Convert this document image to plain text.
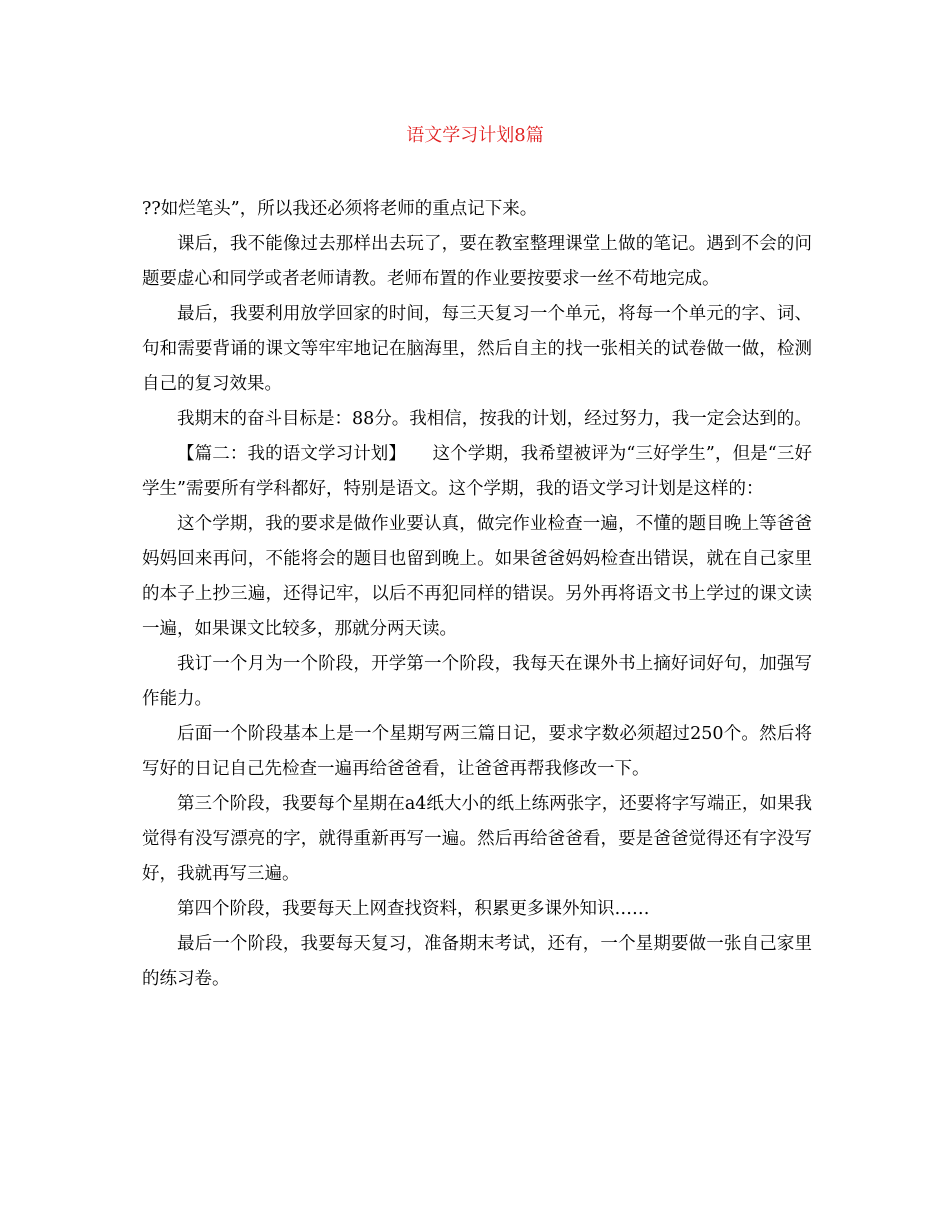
语文学习计划8篇

??如烂笔头”，所以我还必须将老师的重点记下来。

课后，我不能像过去那样出去玩了，要在教室整理课堂上做的笔记。遇到不会的问题要虚心和同学或者老师请教。老师布置的作业要按要求一丝不苟地完成。

最后，我要利用放学回家的时间，每三天复习一个单元，将每一个单元的字、词、句和需要背诵的课文等牢牢地记在脑海里，然后自主的找一张相关的试卷做一做，检测自己的复习效果。

我期末的奋斗目标是：88分。我相信，按我的计划，经过努力，我一定会达到的。

【篇二：我的语文学习计划】　　这个学期，我希望被评为“三好学生”，但是“三好学生”需要所有学科都好，特别是语文。这个学期，我的语文学习计划是这样的：

这个学期，我的要求是做作业要认真，做完作业检查一遍，不懂的题目晚上等爸爸妈妈回来再问，不能将会的题目也留到晚上。如果爸爸妈妈检查出错误，就在自己家里的本子上抄三遍，还得记牢，以后不再犯同样的错误。另外再将语文书上学过的课文读一遍，如果课文比较多，那就分两天读。

我订一个月为一个阶段，开学第一个阶段，我每天在课外书上摘好词好句，加强写作能力。

后面一个阶段基本上是一个星期写两三篇日记，要求字数必须超过250个。然后将写好的日记自己先检查一遍再给爸爸看，让爸爸再帮我修改一下。

第三个阶段，我要每个星期在a4纸大小的纸上练两张字，还要将字写端正，如果我觉得有没写漂亮的字，就得重新再写一遍。然后再给爸爸看，要是爸爸觉得还有字没写好，我就再写三遍。

第四个阶段，我要每天上网查找资料，积累更多课外知识……

最后一个阶段，我要每天复习，准备期末考试，还有，一个星期要做一张自己家里的练习卷。
